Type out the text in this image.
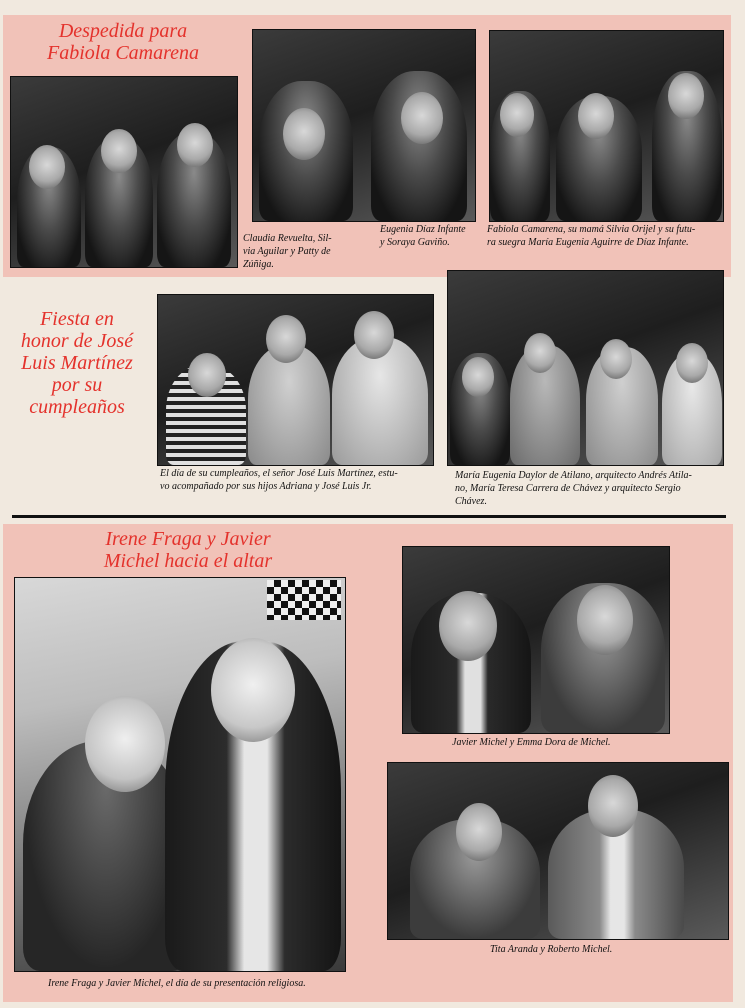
Despedida para
Fabiola Camarena
Claudia Revuelta, Sil-
via Aguilar y Patty de
Zúñiga.
Eugenia Díaz Infante
y Soraya Gaviño.
Fabiola Camarena, su mamá Silvia Orijel y su futu-
ra suegra María Eugenia Aguirre de Díaz Infante.
Fiesta en
honor de José
Luis Martínez
por su
cumpleaños
El día de su cumpleaños, el señor José Luis Martínez, estu-
vo acompañado por sus hijos Adriana y José Luis Jr.
María Eugenia Daylor de Atilano, arquitecto Andrés Atila-
no, María Teresa Carrera de Chávez y arquitecto Sergio
Chávez.
Irene Fraga y Javier
Michel hacia el altar
Irene Fraga y Javier Michel, el día de su presentación religiosa.
Javier Michel y Emma Dora de Michel.
Tita Aranda y Roberto Michel.
